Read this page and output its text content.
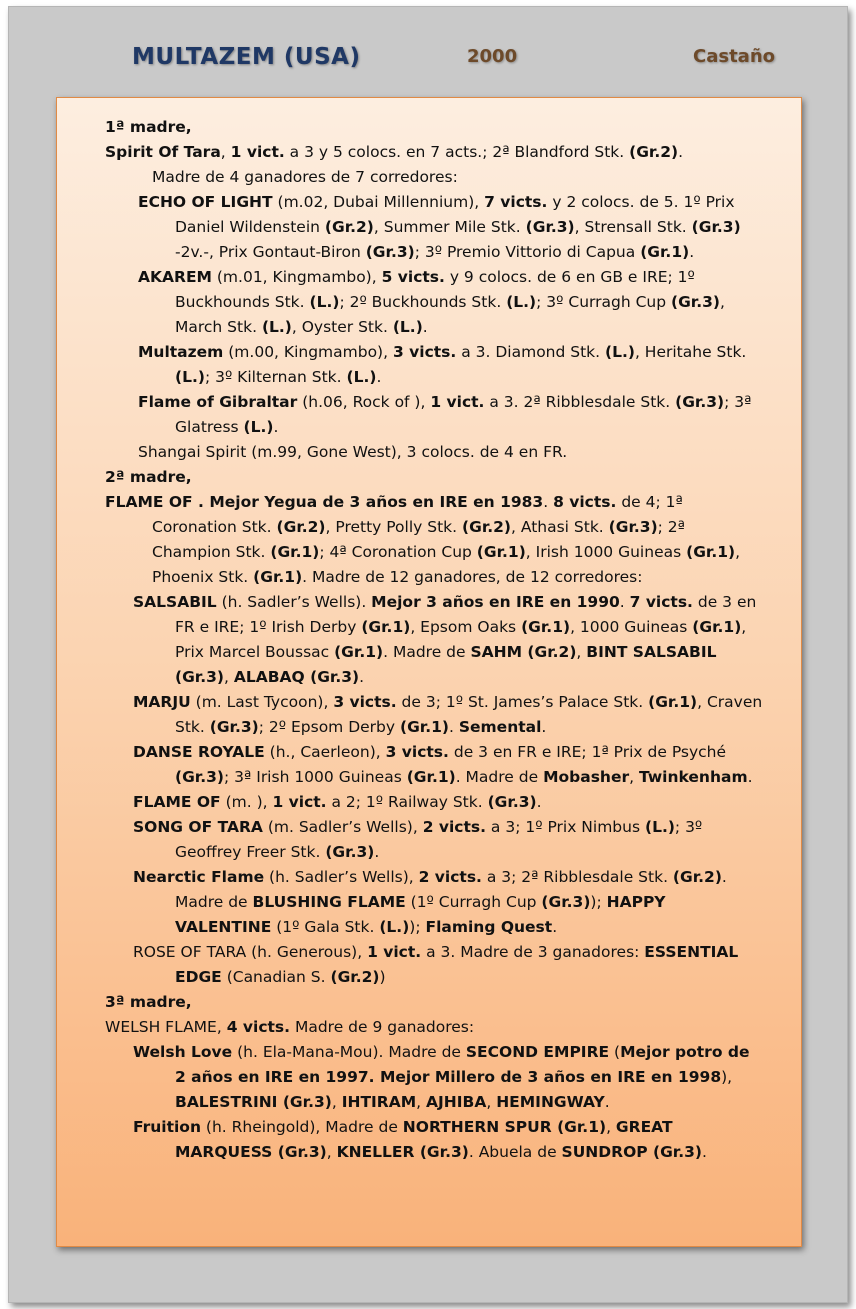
MULTAZEM (USA)	2000	Castaño

1ª madre,

Spirit Of Tara, 1 vict. a 3 y 5 colocs. en 7 acts.; 2ª Blandford Stk. (Gr.2).

Madre de 4 ganadores de 7 corredores:

ECHO OF LIGHT (m.02, Dubai Millennium), 7 victs. y 2 colocs. de 5. 1º Prix Daniel Wildenstein (Gr.2), Summer Mile Stk. (Gr.3), Strensall Stk. (Gr.3) -2v.-, Prix Gontaut-Biron (Gr.3); 3º Premio Vittorio di Capua (Gr.1).

AKAREM (m.01, Kingmambo), 5 victs. y 9 colocs. de 6 en GB e IRE; 1º Buckhounds Stk. (L.); 2º Buckhounds Stk. (L.); 3º Curragh Cup (Gr.3), March Stk. (L.), Oyster Stk. (L.).

Multazem (m.00, Kingmambo), 3 victs. a 3. Diamond Stk. (L.), Heritahe Stk. (L.); 3º Kilternan Stk. (L.).

Flame of Gibraltar (h.06, Rock of ), 1 vict. a 3. 2ª Ribblesdale Stk. (Gr.3); 3ª Glatress (L.).

Shangai Spirit (m.99, Gone West), 3 colocs. de 4 en FR.

2ª madre,

FLAME OF . Mejor Yegua de 3 años en IRE en 1983. 8 victs. de 4; 1ª Coronation Stk. (Gr.2), Pretty Polly Stk. (Gr.2), Athasi Stk. (Gr.3); 2ª Champion Stk. (Gr.1); 4ª Coronation Cup (Gr.1), Irish 1000 Guineas (Gr.1), Phoenix Stk. (Gr.1). Madre de 12 ganadores, de 12 corredores:

SALSABIL (h. Sadler’s Wells). Mejor 3 años en IRE en 1990. 7 victs. de 3 en FR e IRE; 1º Irish Derby (Gr.1), Epsom Oaks (Gr.1), 1000 Guineas (Gr.1), Prix Marcel Boussac (Gr.1). Madre de SAHM (Gr.2), BINT SALSABIL (Gr.3), ALABAQ (Gr.3).

MARJU (m. Last Tycoon), 3 victs. de 3; 1º St. James’s Palace Stk. (Gr.1), Craven Stk. (Gr.3); 2º Epsom Derby (Gr.1). Semental.

DANSE ROYALE (h., Caerleon), 3 victs. de 3 en FR e IRE; 1ª Prix de Psyché (Gr.3); 3ª Irish 1000 Guineas (Gr.1). Madre de Mobasher, Twinkenham.

FLAME OF (m. ), 1 vict. a 2; 1º Railway Stk. (Gr.3).

SONG OF TARA (m. Sadler’s Wells), 2 victs. a 3; 1º Prix Nimbus (L.); 3º Geoffrey Freer Stk. (Gr.3).

Nearctic Flame (h. Sadler’s Wells), 2 victs. a 3; 2ª Ribblesdale Stk. (Gr.2). Madre de BLUSHING FLAME (1º Curragh Cup (Gr.3)); HAPPY VALENTINE (1º Gala Stk. (L.)); Flaming Quest.

ROSE OF TARA (h. Generous), 1 vict. a 3. Madre de 3 ganadores: ESSENTIAL EDGE (Canadian S. (Gr.2))

3ª madre,

WELSH FLAME, 4 victs. Madre de 9 ganadores:

Welsh Love (h. Ela-Mana-Mou). Madre de SECOND EMPIRE (Mejor potro de 2 años en IRE en 1997. Mejor Millero de 3 años en IRE en 1998), BALESTRINI (Gr.3), IHTIRAM, AJHIBA, HEMINGWAY.

Fruition (h. Rheingold), Madre de NORTHERN SPUR (Gr.1), GREAT MARQUESS (Gr.3), KNELLER (Gr.3). Abuela de SUNDROP (Gr.3).
